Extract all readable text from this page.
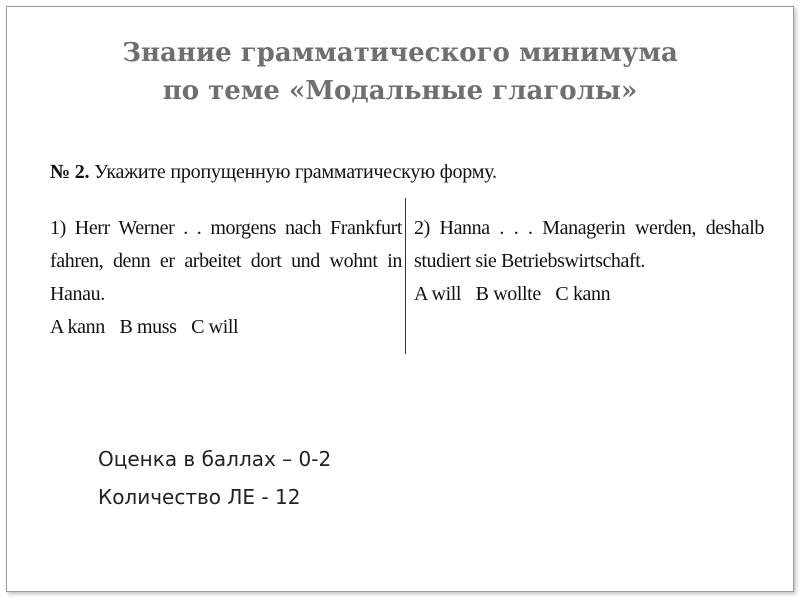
Знание грамматического минимума
по теме «Модальные глаголы»

№ 2. Укажите пропущенную грамматическую форму.

1) Herr Werner . . morgens nach Frankfurt fahren, denn er arbeitet dort und wohnt in Hanau.

A kann B muss C will

2) Hanna . . . Managerin werden, deshalb studiert sie Betriebswirtschaft.

A will B wollte C kann

Оценка в баллах – 0-2
Количество ЛЕ - 12
